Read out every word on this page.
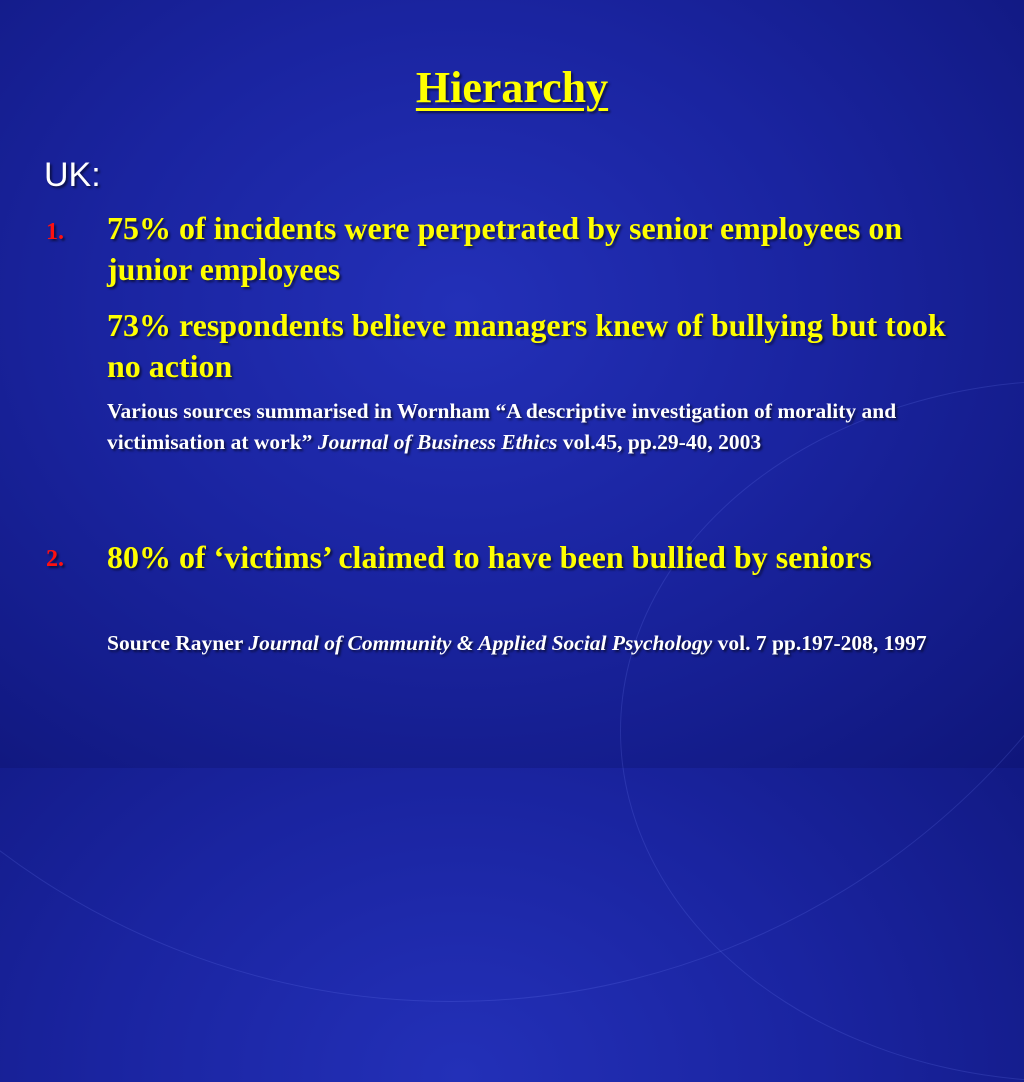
Hierarchy
UK:
1. 75% of incidents were perpetrated by senior employees on junior employees
73% respondents believe managers knew of bullying but took no action
Various sources summarised in Wornham “A descriptive investigation of morality and victimisation at work” Journal of Business Ethics vol.45, pp.29-40, 2003
2. 80% of ‘victims’ claimed to have been bullied by seniors
Source Rayner Journal of Community & Applied Social Psychology vol. 7 pp.197-208, 1997
